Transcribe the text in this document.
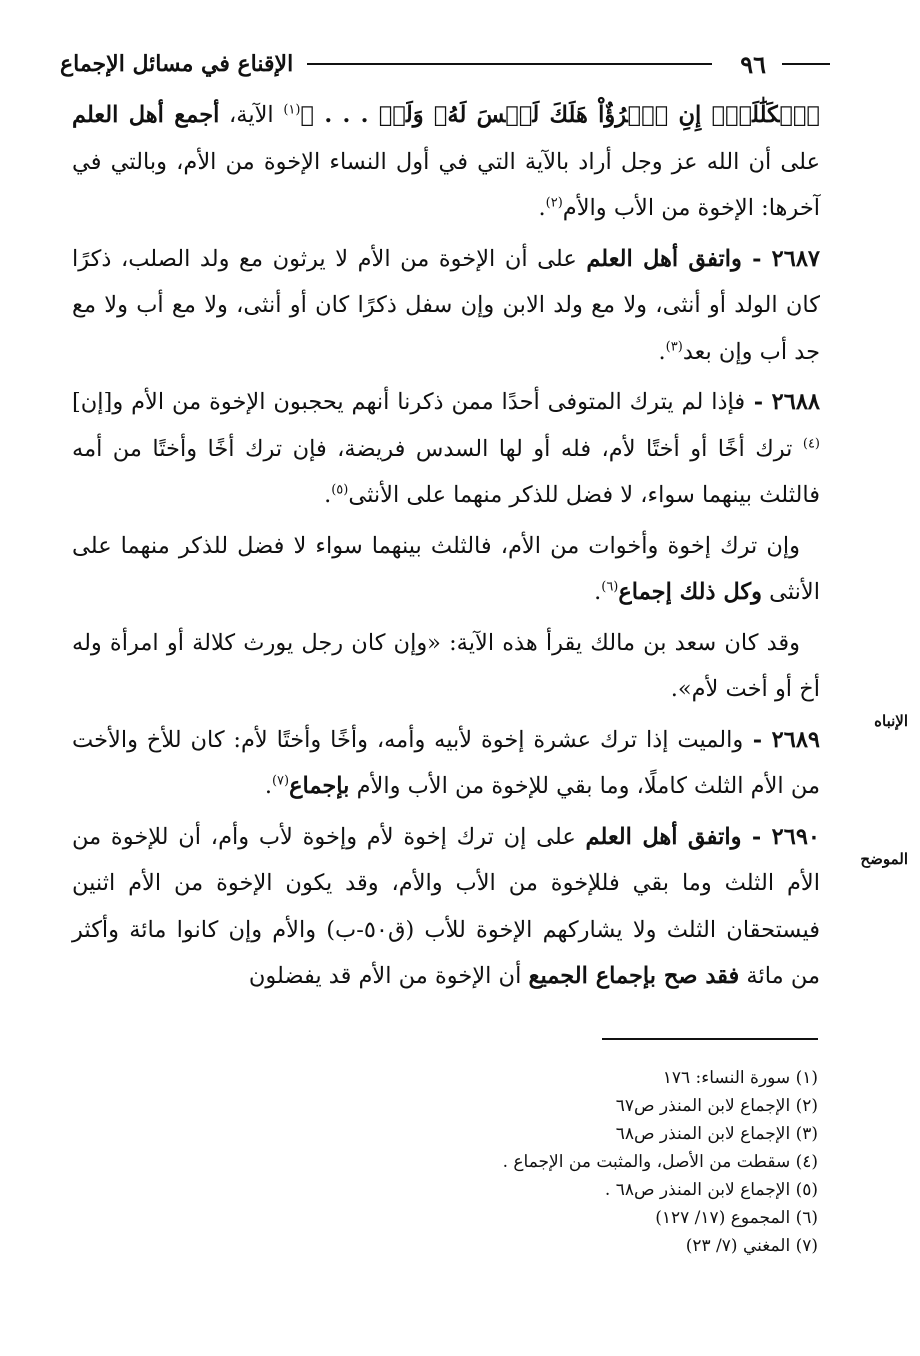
٩٦
الإقناع في مسائل الإجماع

ٱلۡكَلَٰلَةِۚ إِنِ ٱمۡرُؤٌاْ هَلَكَ لَيۡسَ لَهُۥ وَلَدٞ . . . ﴾$^{(١)}$ الآية، أجمع أهل العلم على أن الله عز وجل أراد بالآية التي في أول النساء الإخوة من الأم، وبالتي في آخرها: الإخوة من الأب والأم$^{(٢)}$.

٢٦٨٧ - واتفق أهل العلم على أن الإخوة من الأم لا يرثون مع ولد الصلب، ذكرًا كان الولد أو أنثى، ولا مع ولد الابن وإن سفل ذكرًا كان أو أنثى، ولا مع أب ولا مع جد أب وإن بعد$^{(٣)}$.

٢٦٨٨ - فإذا لم يترك المتوفى أحدًا ممن ذكرنا أنهم يحجبون الإخوة من الأم و[إن]$^{(٤)}$ ترك أخًا أو أختًا لأم، فله أو لها السدس فريضة، فإن ترك أخًا وأختًا من أمه فالثلث بينهما سواء، لا فضل للذكر منهما على الأنثى$^{(٥)}$.

وإن ترك إخوة وأخوات من الأم، فالثلث بينهما سواء لا فضل للذكر منهما على الأنثى وكل ذلك إجماع$^{(٦)}$.

وقد كان سعد بن مالك يقرأ هذه الآية: «وإن كان رجل يورث كلالة أو امرأة وله أخ أو أخت لأم».

٢٦٨٩ - والميت إذا ترك عشرة إخوة لأبيه وأمه، وأخًا وأختًا لأم: كان للأخ والأخت من الأم الثلث كاملًا، وما بقي للإخوة من الأب والأم بإجماع$^{(٧)}$.

٢٦٩٠ - واتفق أهل العلم على إن ترك إخوة لأم وإخوة لأب وأم، أن للإخوة من الأم الثلث وما بقي فللإخوة من الأب والأم، وقد يكون الإخوة من الأم اثنين فيستحقان الثلث ولا يشاركهم الإخوة للأب (ق٥٠-ب) والأم وإن كانوا مائة وأكثر من مائة فقد صح بإجماع الجميع أن الإخوة من الأم قد يفضلون

الإنباه
الموضح
(١) سورة النساء: ١٧٦
(٢) الإجماع لابن المنذر ص٦٧
(٣) الإجماع لابن المنذر ص٦٨
(٤) سقطت من الأصل، والمثبت من الإجماع .
(٥) الإجماع لابن المنذر ص٦٨ .
(٦) المجموع (١٧/ ١٢٧)
(٧) المغني (٧/ ٢٣)
